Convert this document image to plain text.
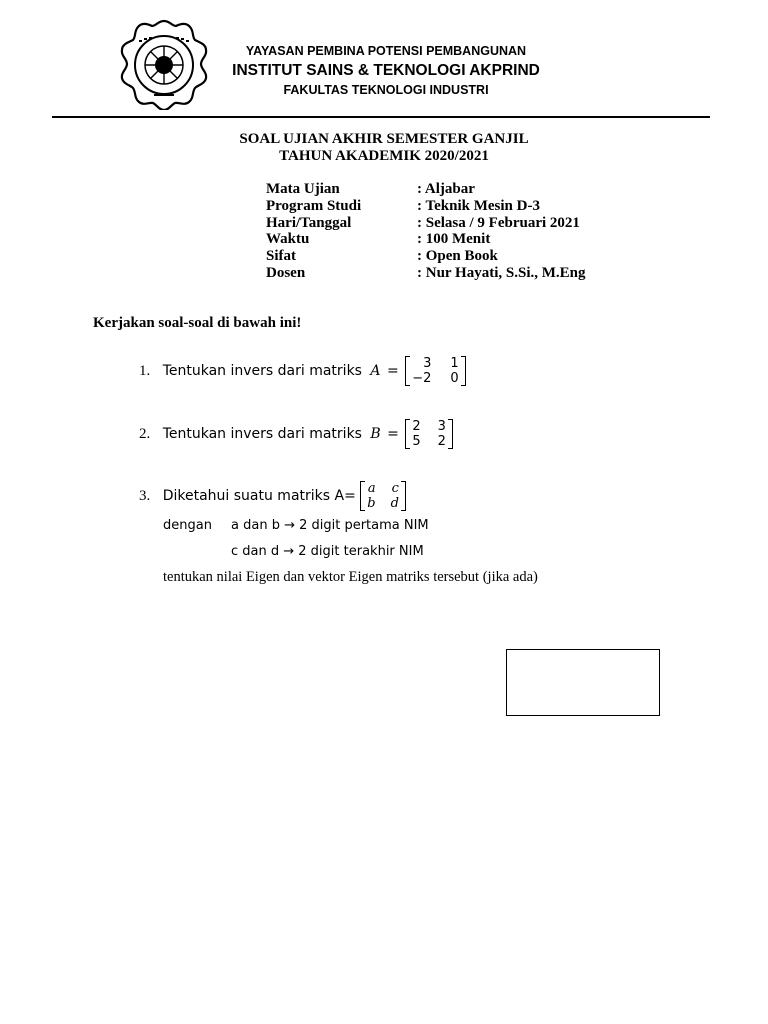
YAYASAN PEMBINA POTENSI PEMBANGUNAN
INSTITUT SAINS & TEKNOLOGI AKPRIND
FAKULTAS TEKNOLOGI INDUSTRI
SOAL UJIAN AKHIR SEMESTER GANJIL
TAHUN AKADEMIK 2020/2021
Mata Ujian	: Aljabar
Program Studi	: Teknik Mesin D-3
Hari/Tanggal	: Selasa / 9 Februari 2021
Waktu	: 100 Menit
Sifat	: Open Book
Dosen	: Nur Hayati, S.Si., M.Eng
Kerjakan soal-soal di bawah ini!
1. Tentukan invers dari matriks A = 3	1
−2	0
2. Tentukan invers dari matriks B = 2	3
5	2
3. Diketahui suatu matriks A= a	c
b	d
dengan a dan b → 2 digit pertama NIM
c dan d → 2 digit terakhir NIM
tentukan nilai Eigen dan vektor Eigen matriks tersebut (jika ada)
